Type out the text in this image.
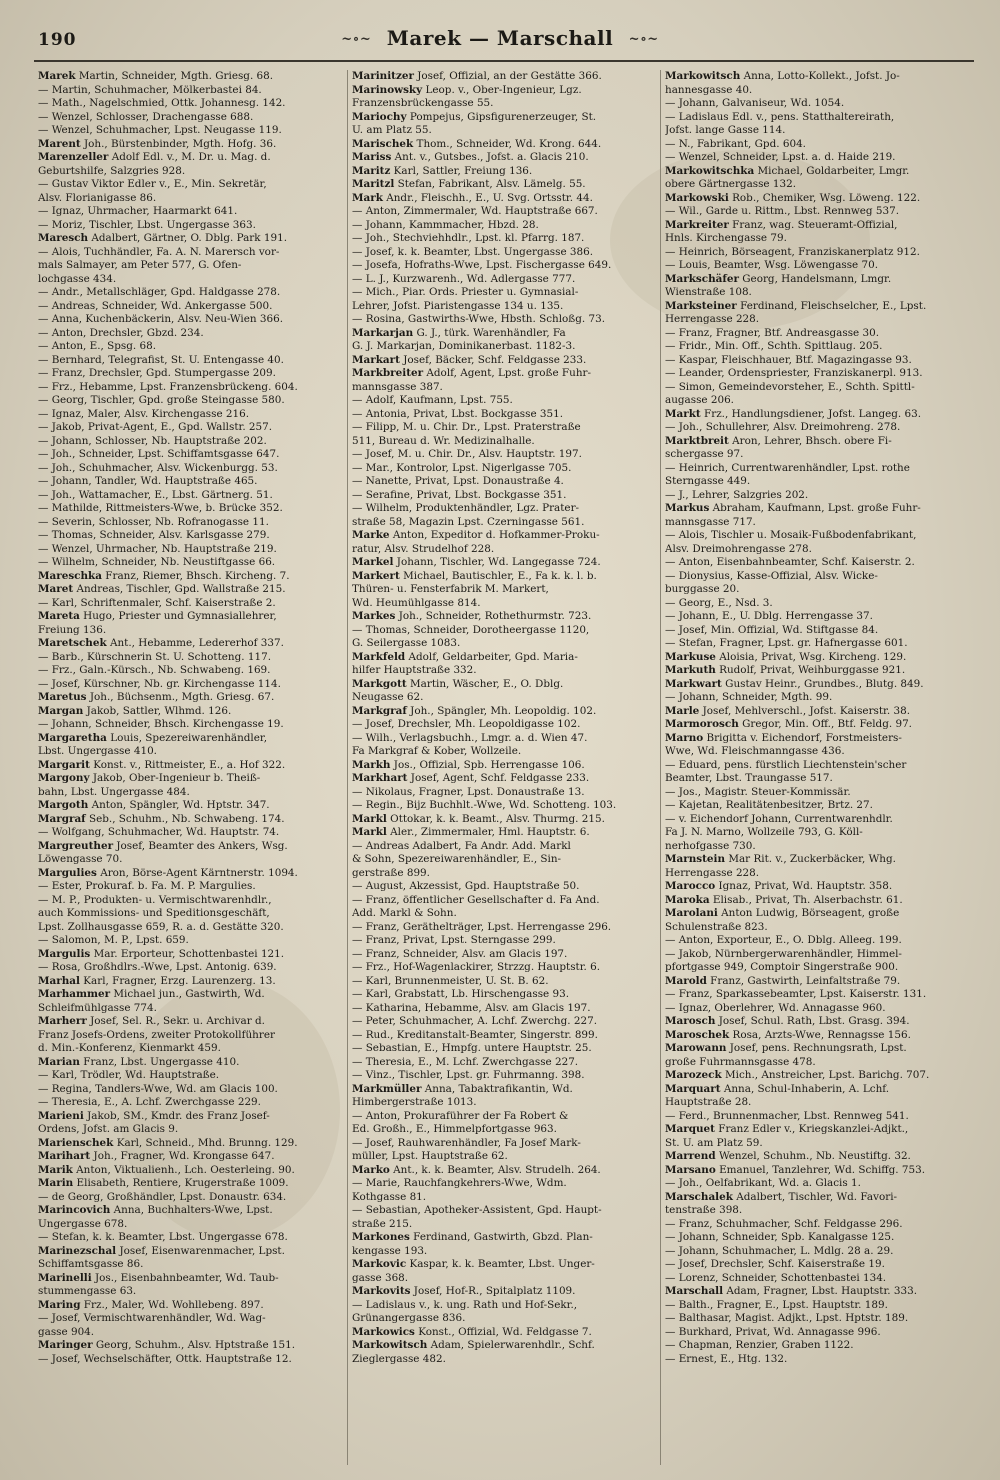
190	~∘~ Marek — Marschall ~∘~
Marek Martin, Schneider, Mgth. Griesg. 68.
— Martin, Schuhmacher, Mölkerbastei 84.
— Math., Nagelschmied, Ottk. Johannesg. 142.
— Wenzel, Schlosser, Drachengasse 688.
— Wenzel, Schuhmacher, Lpst. Neugasse 119.
Marent Joh., Bürstenbinder, Mgth. Hofg. 36.
Marenzeller Adolf Edl. v., M. Dr. u. Mag. d.
Geburtshilfe, Salzgries 928.
— Gustav Viktor Edler v., E., Min. Sekretär,
Alsv. Florianigasse 86.
— Ignaz, Uhrmacher, Haarmarkt 641.
— Moriz, Tischler, Lbst. Ungergasse 363.
Maresch Adalbert, Gärtner, O. Dblg. Park 191.
— Alois, Tuchhändler, Fa. A. N. Marersch vor-
mals Salmayer, am Peter 577, G. Ofen-
lochgasse 434.
— Andr., Metallschläger, Gpd. Haldgasse 278.
— Andreas, Schneider, Wd. Ankergasse 500.
— Anna, Kuchenbäckerin, Alsv. Neu-Wien 366.
— Anton, Drechsler, Gbzd. 234.
— Anton, E., Spsg. 68.
— Bernhard, Telegrafist, St. U. Entengasse 40.
— Franz, Drechsler, Gpd. Stumpergasse 209.
— Frz., Hebamme, Lpst. Franzensbrückeng. 604.
— Georg, Tischler, Gpd. große Steingasse 580.
— Ignaz, Maler, Alsv. Kirchengasse 216.
— Jakob, Privat-Agent, E., Gpd. Wallstr. 257.
— Johann, Schlosser, Nb. Hauptstraße 202.
— Joh., Schneider, Lpst. Schiffamtsgasse 647.
— Joh., Schuhmacher, Alsv. Wickenburgg. 53.
— Johann, Tandler, Wd. Hauptstraße 465.
— Joh., Wattamacher, E., Lbst. Gärtnerg. 51.
— Mathilde, Rittmeisters-Wwe, b. Brücke 352.
— Severin, Schlosser, Nb. Rofranogasse 11.
— Thomas, Schneider, Alsv. Karlsgasse 279.
— Wenzel, Uhrmacher, Nb. Hauptstraße 219.
— Wilhelm, Schneider, Nb. Neustiftgasse 66.
Mareschka Franz, Riemer, Bhsch. Kircheng. 7.
Maret Andreas, Tischler, Gpd. Wallstraße 215.
— Karl, Schriftenmaler, Schf. Kaiserstraße 2.
Mareta Hugo, Priester und Gymnasiallehrer,
Freiung 136.
Maretschek Ant., Hebamme, Ledererhof 337.
— Barb., Kürschnerin St. U. Schotteng. 117.
— Frz., Galn.-Kürsch., Nb. Schwabeng. 169.
— Josef, Kürschner, Nb. gr. Kirchengasse 114.
Maretus Joh., Büchsenm., Mgth. Griesg. 67.
Margan Jakob, Sattler, Wlhmd. 126.
— Johann, Schneider, Bhsch. Kirchengasse 19.
Margaretha Louis, Spezereiwarenhändler,
Lbst. Ungergasse 410.
Margarit Konst. v., Rittmeister, E., a. Hof 322.
Margony Jakob, Ober-Ingenieur b. Theiß-
bahn, Lbst. Ungergasse 484.
Margoth Anton, Spängler, Wd. Hptstr. 347.
Margraf Seb., Schuhm., Nb. Schwabeng. 174.
— Wolfgang, Schuhmacher, Wd. Hauptstr. 74.
Margreuther Josef, Beamter des Ankers, Wsg.
Löwengasse 70.
Margulies Aron, Börse-Agent Kärntnerstr. 1094.
— Ester, Prokuraf. b. Fa. M. P. Margulies.
— M. P., Produkten- u. Vermischtwarenhdlr.,
auch Kommissions- und Speditionsgeschäft,
Lpst. Zollhausgasse 659, R. a. d. Gestätte 320.
— Salomon, M. P., Lpst. 659.
Margulis Mar. Erporteur, Schottenbastei 121.
— Rosa, Großhdlrs.-Wwe, Lpst. Antonig. 639.
Marhal Karl, Fragner, Erzg. Laurenzerg. 13.
Marhammer Michael jun., Gastwirth, Wd.
Schleifmühlgasse 774.
Marherr Josef, Sel. R., Sekr. u. Archivar d.
Franz Josefs-Ordens, zweiter Protokollführer
d. Min.-Konferenz, Kienmarkt 459.
Marian Franz, Lbst. Ungergasse 410.
— Karl, Trödler, Wd. Hauptstraße.
— Regina, Tandlers-Wwe, Wd. am Glacis 100.
— Theresia, E., A. Lchf. Zwerchgasse 229.
Marieni Jakob, SM., Kmdr. des Franz Josef-
Ordens, Jofst. am Glacis 9.
Marienschek Karl, Schneid., Mhd. Brunng. 129.
Marihart Joh., Fragner, Wd. Krongasse 647.
Marik Anton, Viktualienh., Lch. Oesterleing. 90.
Marin Elisabeth, Rentiere, Krugerstraße 1009.
— de Georg, Großhändler, Lpst. Donaustr. 634.
Marincovich Anna, Buchhalters-Wwe, Lpst.
Ungergasse 678.
— Stefan, k. k. Beamter, Lbst. Ungergasse 678.
Marinezschal Josef, Eisenwarenmacher, Lpst.
Schiffamtsgasse 86.
Marinelli Jos., Eisenbahnbeamter, Wd. Taub-
stummengasse 63.
Maring Frz., Maler, Wd. Wohllebeng. 897.
— Josef, Vermischtwarenhändler, Wd. Wag-
gasse 904.
Maringer Georg, Schuhm., Alsv. Hptstraße 151.
— Josef, Wechselschäfter, Ottk. Hauptstraße 12.
Marinitzer Josef, Offizial, an der Gestätte 366.
Marinowsky Leop. v., Ober-Ingenieur, Lgz.
Franzensbrückengasse 55.
Mariochy Pompejus, Gipsfigurenerzeuger, St.
U. am Platz 55.
Marischek Thom., Schneider, Wd. Krong. 644.
Mariss Ant. v., Gutsbes., Jofst. a. Glacis 210.
Maritz Karl, Sattler, Freiung 136.
Maritzl Stefan, Fabrikant, Alsv. Lämelg. 55.
Mark Andr., Fleischh., E., U. Svg. Ortsstr. 44.
— Anton, Zimmermaler, Wd. Hauptstraße 667.
— Johann, Kammmacher, Hbzd. 28.
— Joh., Stechviehhdlr., Lpst. kl. Pfarrg. 187.
— Josef, k. k. Beamter, Lbst. Ungergasse 386.
— Josefa, Hofraths-Wwe, Lpst. Fischergasse 649.
— L. J., Kurzwarenh., Wd. Adlergasse 777.
— Mich., Piar. Ords. Priester u. Gymnasial-
Lehrer, Jofst. Piaristengasse 134 u. 135.
— Rosina, Gastwirths-Wwe, Hbsth. Schloßg. 73.
Markarjan G. J., türk. Warenhändler, Fa
G. J. Markarjan, Dominikanerbast. 1182-3.
Markart Josef, Bäcker, Schf. Feldgasse 233.
Markbreiter Adolf, Agent, Lpst. große Fuhr-
mannsgasse 387.
— Adolf, Kaufmann, Lpst. 755.
— Antonia, Privat, Lbst. Bockgasse 351.
— Filipp, M. u. Chir. Dr., Lpst. Praterstraße
511, Bureau d. Wr. Medizinalhalle.
— Josef, M. u. Chir. Dr., Alsv. Hauptstr. 197.
— Mar., Kontrolor, Lpst. Nigerlgasse 705.
— Nanette, Privat, Lpst. Donaustraße 4.
— Serafine, Privat, Lbst. Bockgasse 351.
— Wilhelm, Produktenhändler, Lgz. Prater-
straße 58, Magazin Lpst. Czerningasse 561.
Marke Anton, Expeditor d. Hofkammer-Proku-
ratur, Alsv. Strudelhof 228.
Markel Johann, Tischler, Wd. Langegasse 724.
Markert Michael, Bautischler, E., Fa k. k. l. b.
Thüren- u. Fensterfabrik M. Markert,
Wd. Heumühlgasse 814.
Markes Joh., Schneider, Rothethurmstr. 723.
— Thomas, Schneider, Dorotheergasse 1120,
G. Seilergasse 1083.
Markfeld Adolf, Geldarbeiter, Gpd. Maria-
hilfer Hauptstraße 332.
Markgott Martin, Wäscher, E., O. Dblg.
Neugasse 62.
Markgraf Joh., Spängler, Mh. Leopoldig. 102.
— Josef, Drechsler, Mh. Leopoldigasse 102.
— Wilh., Verlagsbuchh., Lmgr. a. d. Wien 47.
Fa Markgraf & Kober, Wollzeile.
Markh Jos., Offizial, Spb. Herrengasse 106.
Markhart Josef, Agent, Schf. Feldgasse 233.
— Nikolaus, Fragner, Lpst. Donaustraße 13.
— Regin., Bijz Buchhlt.-Wwe, Wd. Schotteng. 103.
Markl Ottokar, k. k. Beamt., Alsv. Thurmg. 215.
Markl Aler., Zimmermaler, Hml. Hauptstr. 6.
— Andreas Adalbert, Fa Andr. Add. Markl
& Sohn, Spezereiwarenhändler, E., Sin-
gerstraße 899.
— August, Akzessist, Gpd. Hauptstraße 50.
— Franz, öffentlicher Gesellschafter d. Fa And.
Add. Markl & Sohn.
— Franz, Geräthelträger, Lpst. Herrengasse 296.
— Franz, Privat, Lpst. Sterngasse 299.
— Franz, Schneider, Alsv. am Glacis 197.
— Frz., Hof-Wagenlackirer, Strzzg. Hauptstr. 6.
— Karl, Brunnenmeister, U. St. B. 62.
— Karl, Grabstatt, Lb. Hirschengasse 93.
— Katharina, Hebamme, Alsv. am Glacis 197.
— Peter, Schuhmacher, A. Lchf. Zwerchg. 227.
— Rud., Kreditanstalt-Beamter, Singerstr. 899.
— Sebastian, E., Hmpfg. untere Hauptstr. 25.
— Theresia, E., M. Lchf. Zwerchgasse 227.
— Vinz., Tischler, Lpst. gr. Fuhrmanng. 398.
Markmüller Anna, Tabaktrafikantin, Wd.
Himbergerstraße 1013.
— Anton, Prokuraführer der Fa Robert &
Ed. Großh., E., Himmelpfortgasse 963.
— Josef, Rauhwarenhändler, Fa Josef Mark-
müller, Lpst. Hauptstraße 62.
Marko Ant., k. k. Beamter, Alsv. Strudelh. 264.
— Marie, Rauchfangkehrers-Wwe, Wdm.
Kothgasse 81.
— Sebastian, Apotheker-Assistent, Gpd. Haupt-
straße 215.
Markones Ferdinand, Gastwirth, Gbzd. Plan-
kengasse 193.
Markovic Kaspar, k. k. Beamter, Lbst. Unger-
gasse 368.
Markovits Josef, Hof-R., Spitalplatz 1109.
— Ladislaus v., k. ung. Rath und Hof-Sekr.,
Grünangergasse 836.
Markowics Konst., Offizial, Wd. Feldgasse 7.
Markowitsch Adam, Spielerwarenhdlr., Schf.
Zieglergasse 482.
Markowitsch Anna, Lotto-Kollekt., Jofst. Jo-
hannesgasse 40.
— Johann, Galvaniseur, Wd. 1054.
— Ladislaus Edl. v., pens. Statthaltereirath,
Jofst. lange Gasse 114.
— N., Fabrikant, Gpd. 604.
— Wenzel, Schneider, Lpst. a. d. Haide 219.
Markowitschka Michael, Goldarbeiter, Lmgr.
obere Gärtnergasse 132.
Markowski Rob., Chemiker, Wsg. Löweng. 122.
— Wil., Garde u. Rittm., Lbst. Rennweg 537.
Markreiter Franz, wag. Steueramt-Offizial,
Hnls. Kirchengasse 79.
— Heinrich, Börseagent, Franziskanerplatz 912.
— Louis, Beamter, Wsg. Löwengasse 70.
Markschäfer Georg, Handelsmann, Lmgr.
Wienstraße 108.
Marksteiner Ferdinand, Fleischselcher, E., Lpst.
Herrengasse 228.
— Franz, Fragner, Btf. Andreasgasse 30.
— Fridr., Min. Off., Schth. Spittlaug. 205.
— Kaspar, Fleischhauer, Btf. Magazingasse 93.
— Leander, Ordenspriester, Franziskanerpl. 913.
— Simon, Gemeindevorsteher, E., Schth. Spittl-
augasse 206.
Markt Frz., Handlungsdiener, Jofst. Langeg. 63.
— Joh., Schullehrer, Alsv. Dreimohreng. 278.
Marktbreit Aron, Lehrer, Bhsch. obere Fi-
schergasse 97.
— Heinrich, Currentwarenhändler, Lpst. rothe
Sterngasse 449.
— J., Lehrer, Salzgries 202.
Markus Abraham, Kaufmann, Lpst. große Fuhr-
mannsgasse 717.
— Alois, Tischler u. Mosaik-Fußbodenfabrikant,
Alsv. Dreimohrengasse 278.
— Anton, Eisenbahnbeamter, Schf. Kaiserstr. 2.
— Dionysius, Kasse-Offizial, Alsv. Wicke-
burggasse 20.
— Georg, E., Nsd. 3.
— Johann, E., U. Dblg. Herrengasse 37.
— Josef, Min. Offizial, Wd. Stiftgasse 84.
— Stefan, Fragner, Lpst. gr. Hafnergasse 601.
Markuse Aloisia, Privat, Wsg. Kircheng. 129.
Markuth Rudolf, Privat, Weihburggasse 921.
Markwart Gustav Heinr., Grundbes., Blutg. 849.
— Johann, Schneider, Mgth. 99.
Marle Josef, Mehlverschl., Jofst. Kaiserstr. 38.
Marmorosch Gregor, Min. Off., Btf. Feldg. 97.
Marno Brigitta v. Eichendorf, Forstmeisters-
Wwe, Wd. Fleischmanngasse 436.
— Eduard, pens. fürstlich Liechtenstein'scher
Beamter, Lbst. Traungasse 517.
— Jos., Magistr. Steuer-Kommissär.
— Kajetan, Realitätenbesitzer, Brtz. 27.
— v. Eichendorf Johann, Currentwarenhdlr.
Fa J. N. Marno, Wollzeile 793, G. Köll-
nerhofgasse 730.
Marnstein Mar Rit. v., Zuckerbäcker, Whg.
Herrengasse 228.
Marocco Ignaz, Privat, Wd. Hauptstr. 358.
Maroka Elisab., Privat, Th. Alserbachstr. 61.
Marolani Anton Ludwig, Börseagent, große
Schulenstraße 823.
— Anton, Exporteur, E., O. Dblg. Alleeg. 199.
— Jakob, Nürnbergerwarenhändler, Himmel-
pfortgasse 949, Comptoir Singerstraße 900.
Marold Franz, Gastwirth, Leinfaltstraße 79.
— Franz, Sparkassebeamter, Lpst. Kaiserstr. 131.
— Ignaz, Oberlehrer, Wd. Annagasse 960.
Marosch Josef, Schul. Rath, Lbst. Grasg. 394.
Maroschek Rosa, Arzts-Wwe, Rennagsse 156.
Marowann Josef, pens. Rechnungsrath, Lpst.
große Fuhrmannsgasse 478.
Marozeck Mich., Anstreicher, Lpst. Barichg. 707.
Marquart Anna, Schul-Inhaberin, A. Lchf.
Hauptstraße 28.
— Ferd., Brunnenmacher, Lbst. Rennweg 541.
Marquet Franz Edler v., Kriegskanzlei-Adjkt.,
St. U. am Platz 59.
Marrend Wenzel, Schuhm., Nb. Neustiftg. 32.
Marsano Emanuel, Tanzlehrer, Wd. Schiffg. 753.
— Joh., Oelfabrikant, Wd. a. Glacis 1.
Marschalek Adalbert, Tischler, Wd. Favori-
tenstraße 398.
— Franz, Schuhmacher, Schf. Feldgasse 296.
— Johann, Schneider, Spb. Kanalgasse 125.
— Johann, Schuhmacher, L. Mdlg. 28 a. 29.
— Josef, Drechsler, Schf. Kaiserstraße 19.
— Lorenz, Schneider, Schottenbastei 134.
Marschall Adam, Fragner, Lbst. Hauptstr. 333.
— Balth., Fragner, E., Lpst. Hauptstr. 189.
— Balthasar, Magist. Adjkt., Lpst. Hptstr. 189.
— Burkhard, Privat, Wd. Annagasse 996.
— Chapman, Renzier, Graben 1122.
— Ernest, E., Htg. 132.
